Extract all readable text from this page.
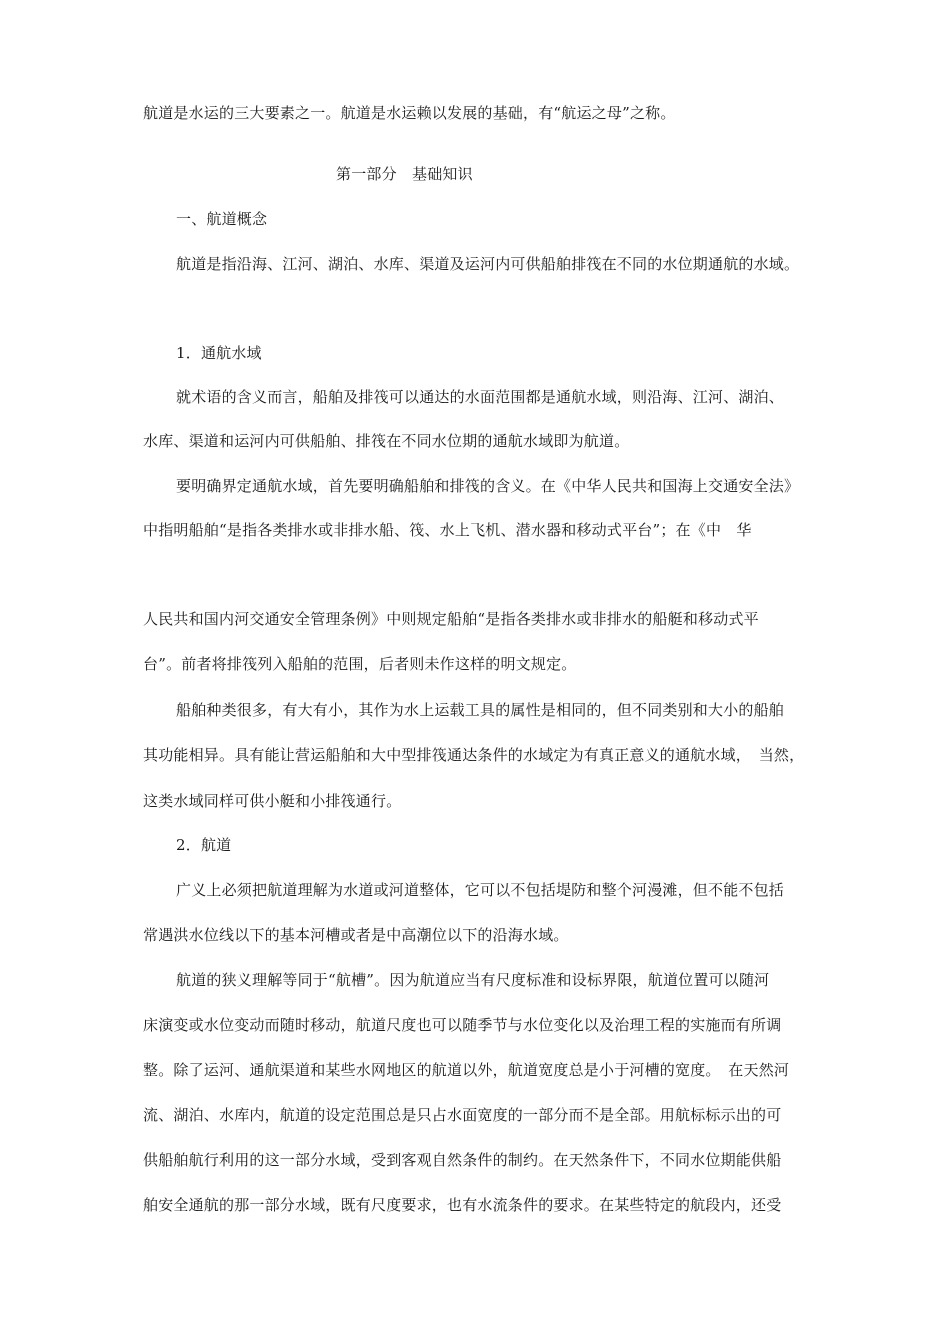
航道是水运的三大要素之一。航道是水运赖以发展的基础，有“航运之母”之称。
第一部分　基础知识
一、航道概念
航道是指沿海、江河、湖泊、水库、渠道及运河内可供船舶排筏在不同的水位期通航的水域。
1．通航水域
就术语的含义而言，船舶及排筏可以通达的水面范围都是通航水域，则沿海、江河、湖泊、
水库、渠道和运河内可供船舶、排筏在不同水位期的通航水域即为航道。
要明确界定通航水域，首先要明确船舶和排筏的含义。在《中华人民共和国海上交通安全法》
中指明船舶“是指各类排水或非排水船、筏、水上飞机、潜水器和移动式平台”；在《中　华
人民共和国内河交通安全管理条例》中则规定船舶“是指各类排水或非排水的船艇和移动式平
台”。前者将排筏列入船舶的范围，后者则未作这样的明文规定。
船舶种类很多，有大有小，其作为水上运载工具的属性是相同的，但不同类别和大小的船舶
其功能相异。具有能让营运船舶和大中型排筏通达条件的水域定为有真正意义的通航水域，　当然，
这类水域同样可供小艇和小排筏通行。
2．航道
广义上必须把航道理解为水道或河道整体，它可以不包括堤防和整个河漫滩，但不能不包括
常遇洪水位线以下的基本河槽或者是中高潮位以下的沿海水域。
航道的狭义理解等同于“航槽”。因为航道应当有尺度标准和设标界限，航道位置可以随河
床演变或水位变动而随时移动，航道尺度也可以随季节与水位变化以及治理工程的实施而有所调
整。除了运河、通航渠道和某些水网地区的航道以外，航道宽度总是小于河槽的宽度。　在天然河
流、湖泊、水库内，航道的设定范围总是只占水面宽度的一部分而不是全部。用航标标示出的可
供船舶航行利用的这一部分水域，受到客观自然条件的制约。在天然条件下，不同水位期能供船
舶安全通航的那一部分水域，既有尺度要求，也有水流条件的要求。在某些特定的航段内，还受
